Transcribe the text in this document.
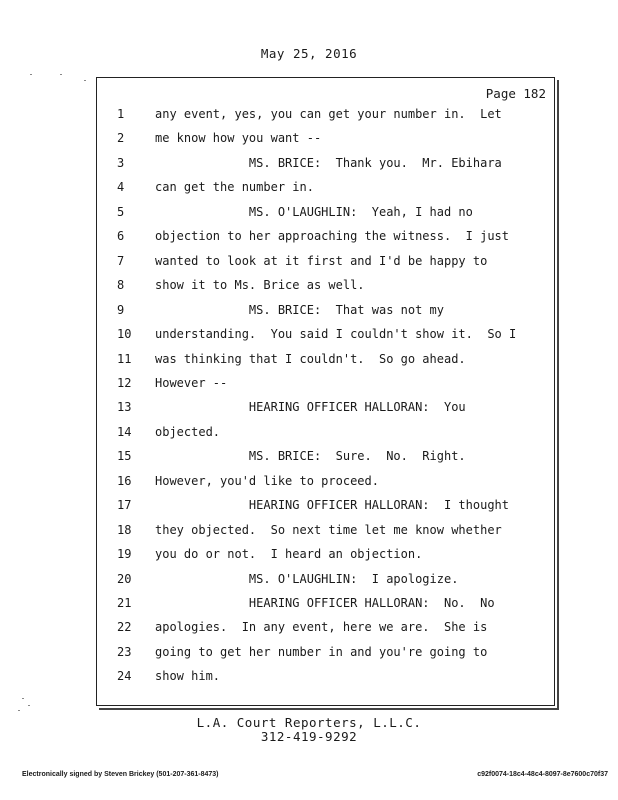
May 25, 2016
Page 182
1	any event, yes, you can get your number in.  Let
2	me know how you want --
3	MS. BRICE:  Thank you.  Mr. Ebihara
4	can get the number in.
5	MS. O'LAUGHLIN:  Yeah, I had no
6	objection to her approaching the witness.  I just
7	wanted to look at it first and I'd be happy to
8	show it to Ms. Brice as well.
9	MS. BRICE:  That was not my
10	understanding.  You said I couldn't show it.  So I
11	was thinking that I couldn't.  So go ahead.
12	However --
13	HEARING OFFICER HALLORAN:  You
14	objected.
15	MS. BRICE:  Sure.  No.  Right.
16	However, you'd like to proceed.
17	HEARING OFFICER HALLORAN:  I thought
18	they objected.  So next time let me know whether
19	you do or not.  I heard an objection.
20	MS. O'LAUGHLIN:  I apologize.
21	HEARING OFFICER HALLORAN:  No.  No
22	apologies.  In any event, here we are.  She is
23	going to get her number in and you're going to
24	show him.
L.A. Court Reporters, L.L.C.
312-419-9292
Electronically signed by Steven Brickey (501-207-361-8473)	c92f0074-18c4-48c4-8097-8e7600c70f37
